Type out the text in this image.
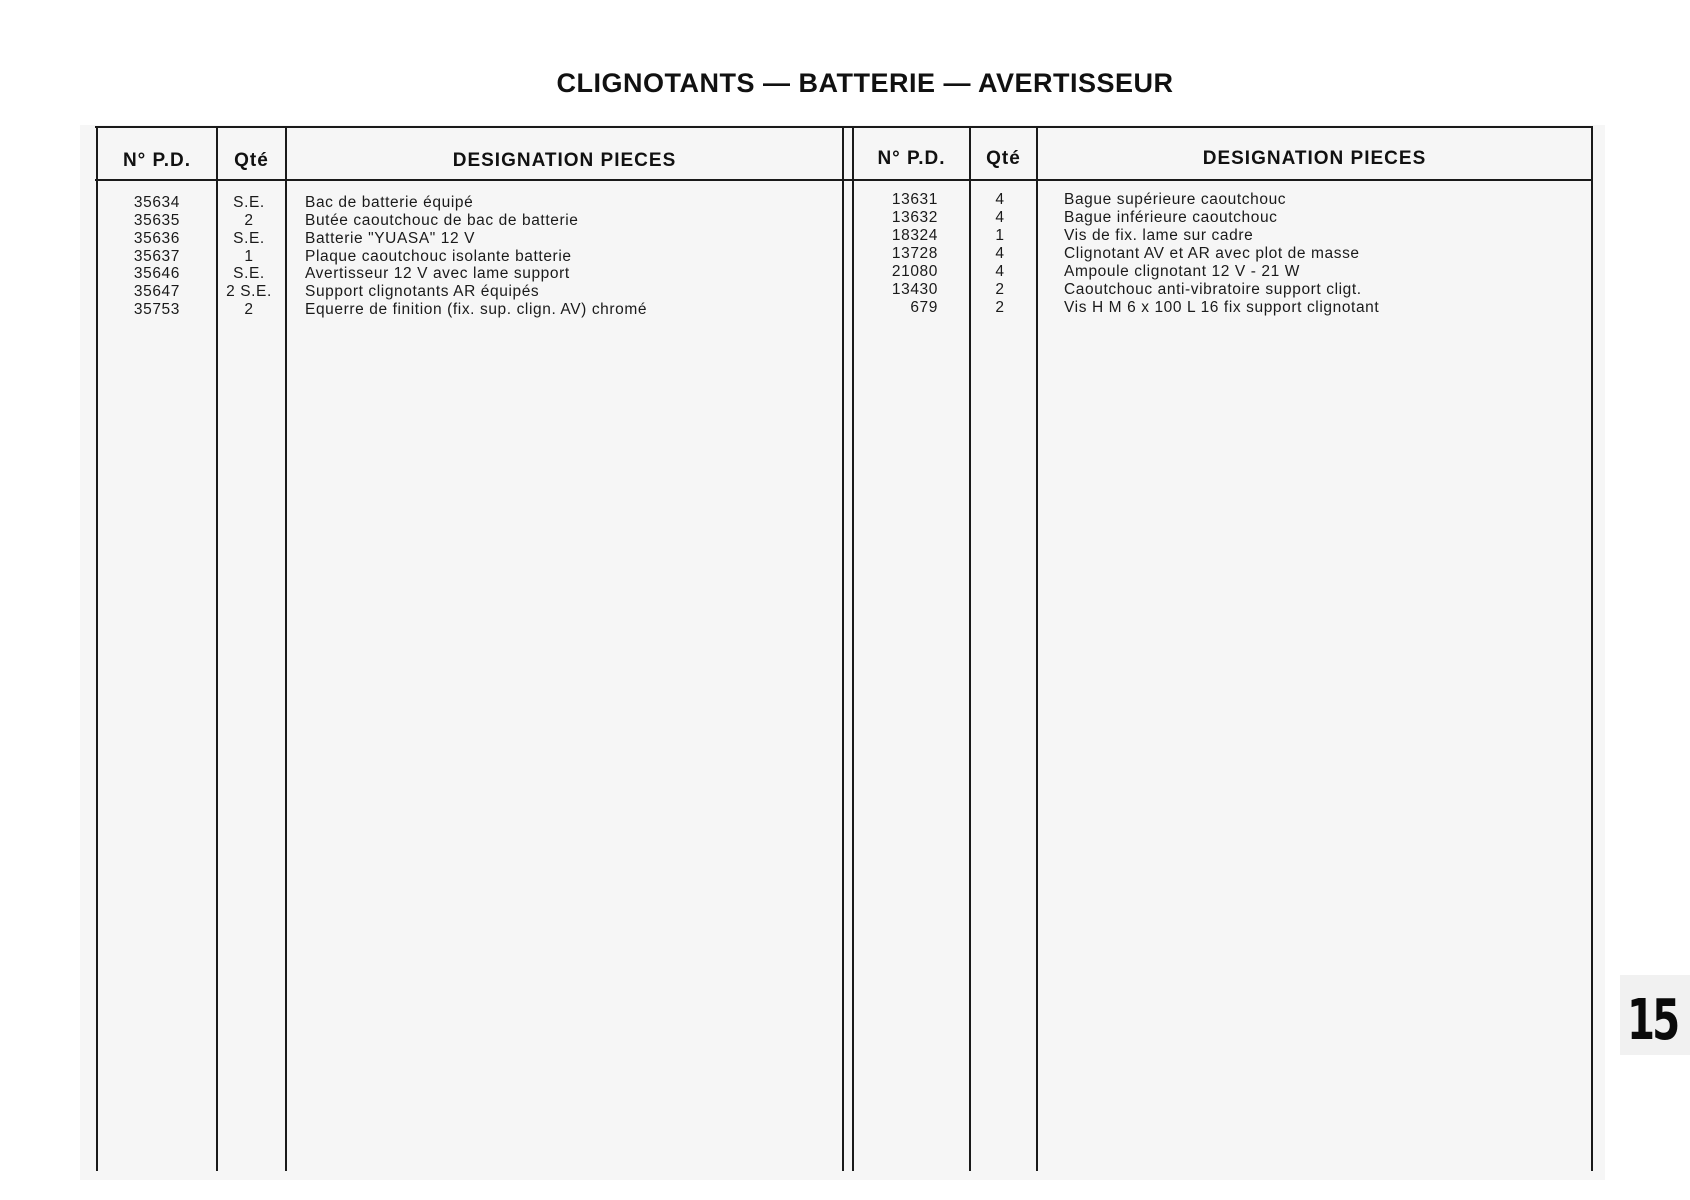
CLIGNOTANTS — BATTERIE — AVERTISSEUR
N° P.D.	Qté	DESIGNATION PIECES	N° P.D.	Qté	DESIGNATION PIECES
35634	S.E.	Bac de batterie équipé
35635	2	Butée caoutchouc de bac de batterie
35636	S.E.	Batterie "YUASA" 12 V
35637	1	Plaque caoutchouc isolante batterie
35646	S.E.	Avertisseur 12 V avec lame support
35647	2 S.E.	Support clignotants AR équipés
35753	2	Equerre de finition (fix. sup. clign. AV) chromé
13631	4	Bague supérieure caoutchouc
13632	4	Bague inférieure caoutchouc
18324	1	Vis de fix. lame sur cadre
13728	4	Clignotant AV et AR avec plot de masse
21080	4	Ampoule clignotant 12 V - 21 W
13430	2	Caoutchouc anti-vibratoire support cligt.
679	2	Vis H M 6 x 100 L 16 fix support clignotant
15
